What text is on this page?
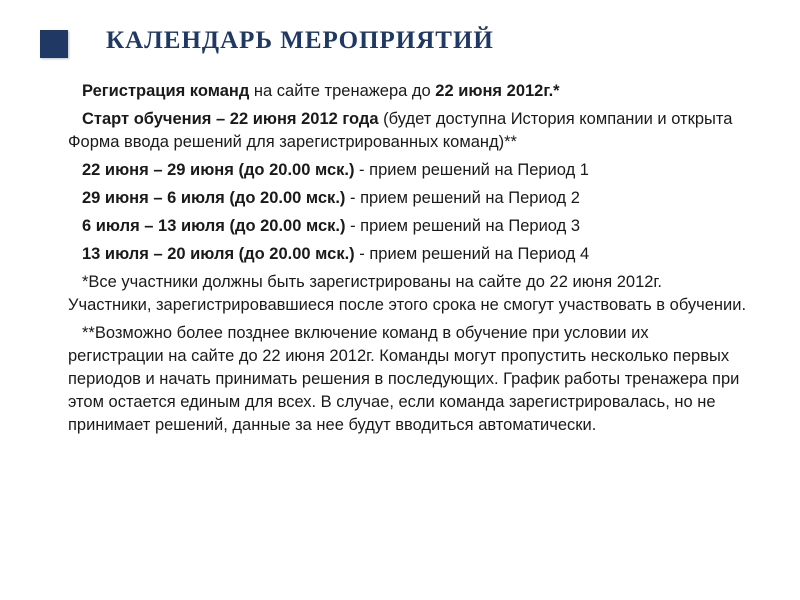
КАЛЕНДАРЬ МЕРОПРИЯТИЙ

Регистрация команд на сайте тренажера до 22 июня 2012г.*

Старт обучения – 22 июня 2012 года (будет доступна История компании и открыта Форма ввода решений для зарегистрированных команд)**

22 июня – 29 июня (до 20.00 мск.) - прием решений на Период 1

29 июня – 6 июля (до 20.00 мск.) - прием решений на Период 2

6 июля – 13 июля (до 20.00 мск.) - прием решений на Период 3

13 июля – 20 июля (до 20.00 мск.) - прием решений на Период 4

*Все участники должны быть зарегистрированы на сайте до 22 июня 2012г. Участники, зарегистрировавшиеся после этого срока не смогут участвовать в обучении.

**Возможно более позднее включение команд в обучение при условии их регистрации на сайте до 22 июня 2012г. Команды могут пропустить несколько первых периодов и начать принимать решения в последующих. График работы тренажера при этом остается единым для всех. В случае, если команда зарегистрировалась, но не принимает решений, данные за нее будут вводиться автоматически.
